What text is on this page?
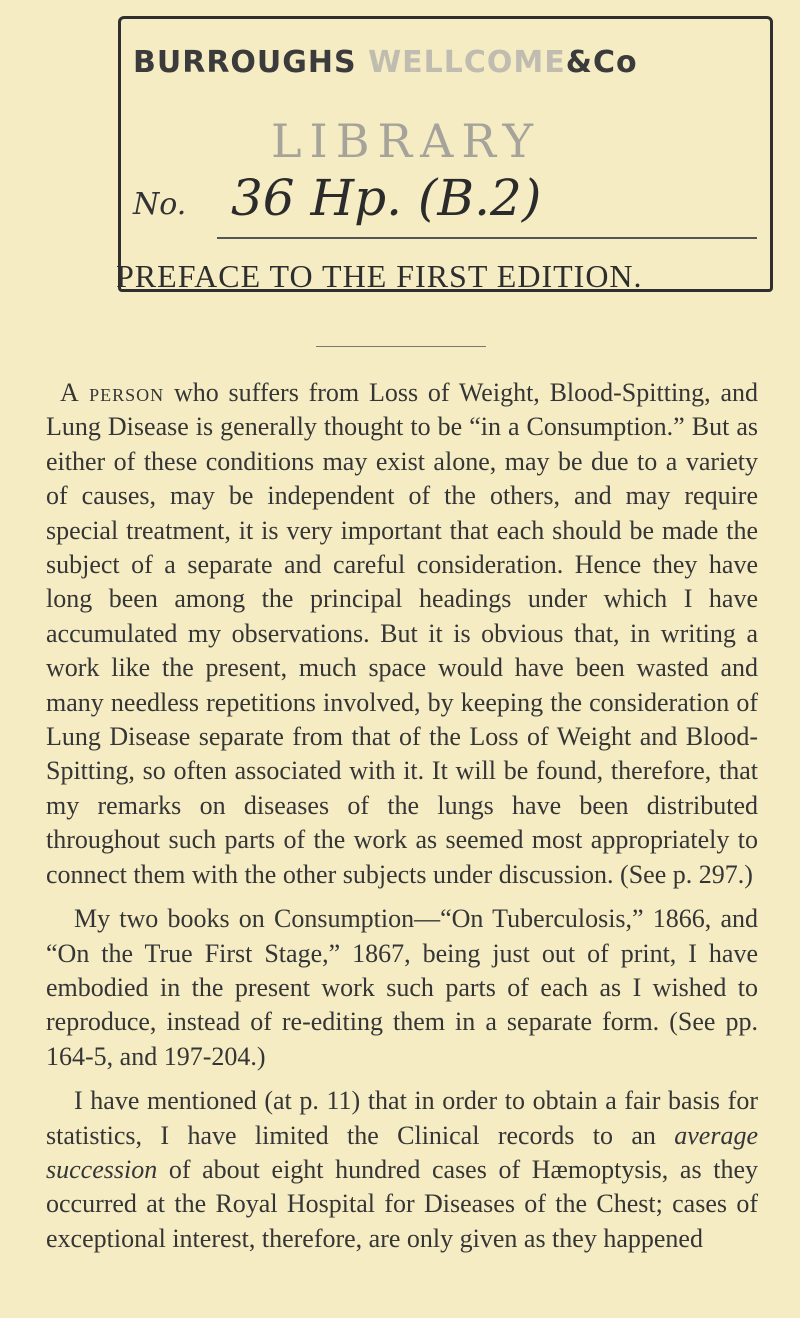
BURROUGHS WELLCOME&Co
LIBRARY
No. 36 Hp. (B.2)
PREFACE TO THE FIRST EDITION.

A person who suffers from Loss of Weight, Blood-Spitting, and Lung Disease is generally thought to be “in a Consumption.” But as either of these conditions may exist alone, may be due to a variety of causes, may be independent of the others, and may require special treatment, it is very important that each should be made the subject of a separate and careful consideration. Hence they have long been among the principal headings under which I have accumulated my observations. But it is obvious that, in writing a work like the present, much space would have been wasted and many needless repetitions involved, by keeping the consideration of Lung Disease separate from that of the Loss of Weight and Blood-Spitting, so often associated with it. It will be found, therefore, that my remarks on diseases of the lungs have been distributed throughout such parts of the work as seemed most appropriately to connect them with the other subjects under discussion. (See p. 297.)

My two books on Consumption—“On Tuberculosis,” 1866, and “On the True First Stage,” 1867, being just out of print, I have embodied in the present work such parts of each as I wished to reproduce, instead of re-editing them in a separate form. (See pp. 164-5, and 197-204.)

I have mentioned (at p. 11) that in order to obtain a fair basis for statistics, I have limited the Clinical records to an average succession of about eight hundred cases of Hæmoptysis, as they occurred at the Royal Hospital for Diseases of the Chest; cases of exceptional interest, therefore, are only given as they happened
